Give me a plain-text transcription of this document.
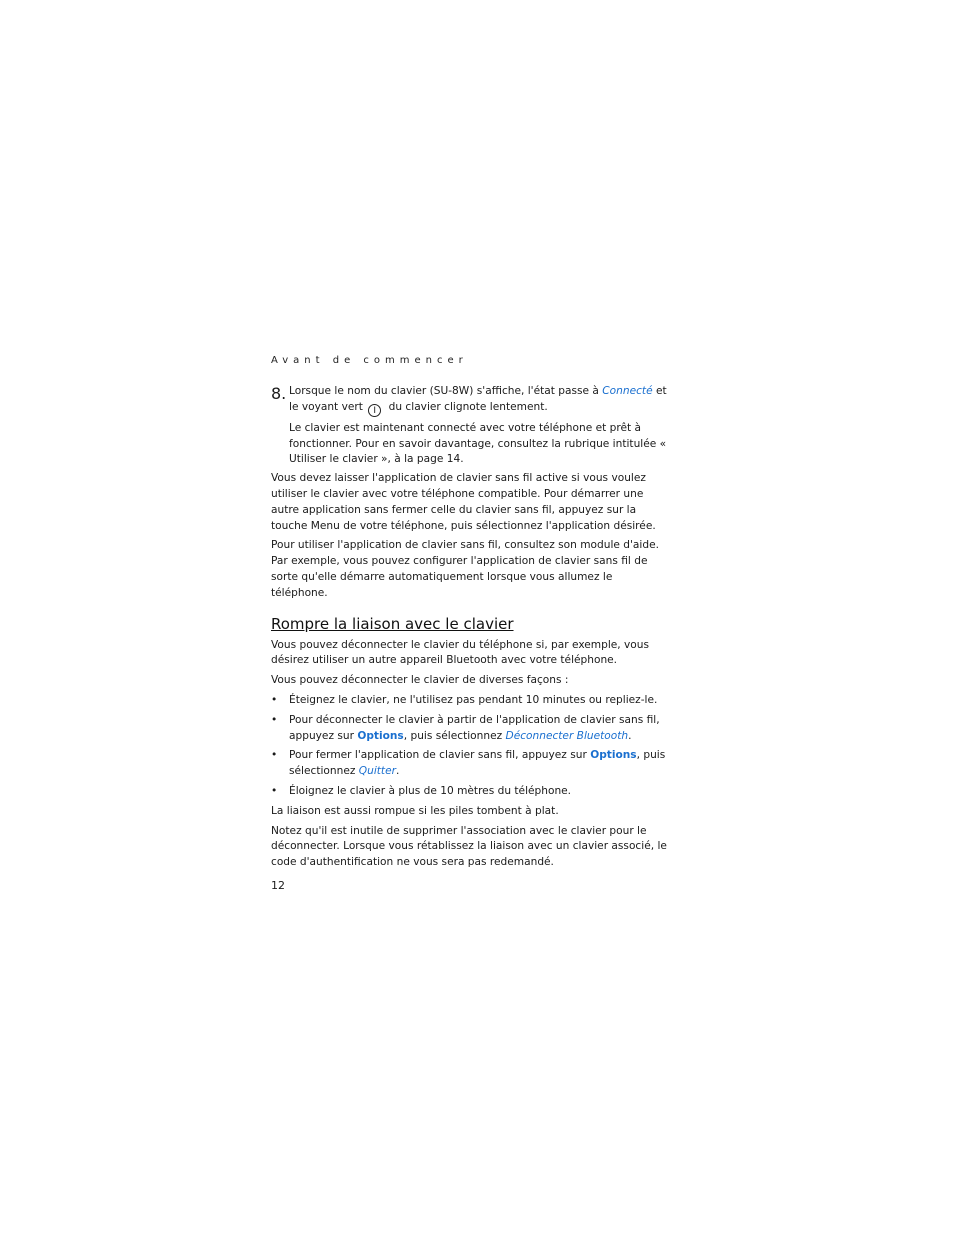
Avant de commencer
8. Lorsque le nom du clavier (SU-8W) s'affiche, l'état passe à Connecté et le voyant vert I du clavier clignote lentement.

Le clavier est maintenant connecté avec votre téléphone et prêt à fonctionner. Pour en savoir davantage, consultez la rubrique intitulée « Utiliser le clavier », à la page 14.

Vous devez laisser l'application de clavier sans fil active si vous voulez utiliser le clavier avec votre téléphone compatible. Pour démarrer une autre application sans fermer celle du clavier sans fil, appuyez sur la touche Menu de votre téléphone, puis sélectionnez l'application désirée.

Pour utiliser l'application de clavier sans fil, consultez son module d'aide. Par exemple, vous pouvez configurer l'application de clavier sans fil de sorte qu'elle démarre automatiquement lorsque vous allumez le téléphone.

Rompre la liaison avec le clavier

Vous pouvez déconnecter le clavier du téléphone si, par exemple, vous désirez utiliser un autre appareil Bluetooth avec votre téléphone.

Vous pouvez déconnecter le clavier de diverses façons :

•	Éteignez le clavier, ne l'utilisez pas pendant 10 minutes ou repliez-le.
•	Pour déconnecter le clavier à partir de l'application de clavier sans fil, appuyez sur Options, puis sélectionnez Déconnecter Bluetooth.
•	Pour fermer l'application de clavier sans fil, appuyez sur Options, puis sélectionnez Quitter.
•	Éloignez le clavier à plus de 10 mètres du téléphone.

La liaison est aussi rompue si les piles tombent à plat.

Notez qu'il est inutile de supprimer l'association avec le clavier pour le déconnecter. Lorsque vous rétablissez la liaison avec un clavier associé, le code d'authentification ne vous sera pas redemandé.

12
